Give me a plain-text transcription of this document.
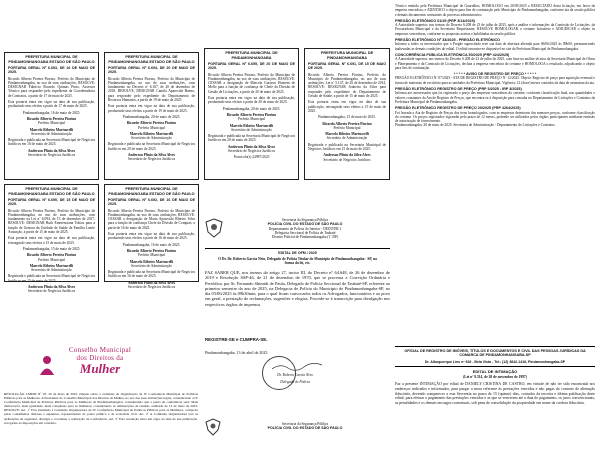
PREFEITURA MUNICIPAL DE PINDAMONHANGABA ESTADO DE SÃO PAULO
PORTARIA GERAL Nº 6.693, DE 16 DE MAIO DE 2025.
Ricardo Alberto Pereira Piorino, Prefeito do Município de Pindamonhangaba, no uso de suas atribuições, RESOLVE: DESIGNAR Fabricio Ricardo Quintas Pinto, Assessor Técnico para responder pelo expediente da Coordenadoria de Contratos, a partir de 17 de maio de 2025.
Esta portaria entra em vigor na data de sua publicação, produzindo seus efeitos a partir de 17 de maio de 2025.
Pindamonhangaba, 16 de maio de 2025.
Ricardo Alberto Pereira Piorino
Prefeito Municipal
Marcelo Ribeiro Martuscelli
Secretário de Administração
Registrada e publicada na Secretaria Municipal de Negócios Jurídicos em 16 de maio de 2025.
Anderson Plinio da Silva Alves
Secretário de Negócios Jurídicos
PREFEITURA MUNICIPAL DE PINDAMONHANGABA ESTADO DE SÃO PAULO
PORTARIA GERAL Nº 6.694, DE 20 DE MAIO DE 2025.
Ricardo Alberto Pereira Piorino, Prefeito do Município de Pindamonhangaba, no uso de suas atribuições, com fundamento no Decreto nº 6.167, de 20 de dezembro de 2018, RESOLVE: DESIGNAR Camila Aparecida Bueno, para responder pelo expediente do Departamento de Recursos Humanos, a partir de 19 de maio de 2025.
Esta portaria entra em vigor na data de sua publicação, produzindo seus efeitos a partir de 19 de maio de 2025.
Pindamonhangaba, 20 de maio de 2025.
Ricardo Alberto Pereira Piorino
Prefeito Municipal
Marcelo Ribeiro Martuscelli
Secretário de Administração
Registrada e publicada na Secretaria Municipal de Negócios Jurídicos em 20 de maio de 2025.
Anderson Plinio da Silva Alves
Secretário de Negócios Jurídicos
PREFEITURA MUNICIPAL DE PINDAMONHANGABA
PORTARIA GERAL Nº 6.695, DE 20 DE MAIO DE 2025.
Ricardo Alberto Pereira Piorino, Prefeito do Município de Pindamonhangaba, no uso de suas atribuições, RESOLVE: CESSAR a designação de Marcela Gustavo Homem de Mello para a função de confiança de Chefe da Divisão de Gestão de Licitações, a partir de 20 de maio de 2025.
Esta portaria entra em vigor na data de sua publicação, produzindo seus efeitos a partir de 20 de maio de 2025.
Pindamonhangaba, 20 de maio de 2025.
Ricardo Alberto Pereira Piorino
Prefeito Municipal
Marcelo Ribeiro Martuscelli
Secretário de Administração
Registrada e publicada na Secretaria Municipal de Negócios Jurídicos em 20 de maio de 2025.
Anderson Plinio da Silva Alves
Secretário de Negócios Jurídicos
Protocolo(s) 24987/2025
PREFEITURA MUNICIPAL DE PINDAMONHANGABA
PORTARIA GERAL Nº 6.691, DE 15 DE MAIO DE 2025.
Ricardo Alberto Pereira Piorino, Prefeito do Município de Pindamonhangaba, no uso de suas atribuições, Lei nº 5.147, de 26 de dezembro de 2014, RESOLVE: DESIGNAR Joabeira da Silva para responder pelo expediente do Departamento de Gestão de Saúde, a partir de 15 de maio de 2025.
Esta portaria entra em vigor na data de sua publicação, retroagindo seus efeitos a 15 de maio de 2025.
Pindamonhangaba, 15 de maio de 2025.
Ricardo Alberto Pereira Piorino
Prefeito Municipal
Marcelo Ribeiro Martuscelli
Secretário de Administração
Registrada e publicada na Secretaria Municipal de Negócios Jurídicos em 15 de maio de 2025.
Anderson Plinio da Silva Alves
Secretário de Negócios Jurídicos
PREFEITURA MUNICIPAL DE PINDAMONHANGABA ESTADO DE SÃO PAULO
PORTARIA GERAL Nº 6.690, DE 15 DE MAIO DE 2025.
Ricardo Alberto Pereira Piorino, Prefeito do Município de Pindamonhangaba, no uso de suas atribuições, com fundamento na Lei nº 6.094, de 13 de dezembro de 2017, RESOLVE: DESIGNAR Ruth Emerenciana Tobias para a função de Gestora da Unidade de Saúde da Família Laerte Assunção, a partir de 15 de maio de 2025.
Esta portaria entra em vigor na data de sua publicação, retroagindo seus efeitos a 15 de maio de 2025.
Pindamonhangaba, 15 de maio de 2025.
Ricardo Alberto Pereira Piorino
Prefeito Municipal
Marcelo Ribeiro Martuscelli
Secretário de Administração
Registrada e publicada na Secretaria Municipal de Negócios Jurídicos em 15 de maio de 2025.
Anderson Plinio da Silva Alves
Secretário de Negócios Jurídicos
PREFEITURA MUNICIPAL DE PINDAMONHANGABA ESTADO DE SÃO PAULO
PORTARIA GERAL Nº 6.692, DE 16 DE MAIO DE 2025.
Ricardo Alberto Pereira Piorino, Prefeito do Município de Pindamonhangaba, no uso de suas atribuições, RESOLVE: CESSAR a designação de Maria Aparecida Ribeiro Silva para a função de confiança Chefe da Divisão de Compras, a partir de 16 de maio de 2025.
Esta portaria entra em vigor na data de sua publicação, produzindo seus efeitos a partir de 16 de maio de 2025.
Pindamonhangaba, 16 de maio de 2025.
Ricardo Alberto Pereira Piorino
Prefeito Municipal
Marcelo Ribeiro Martuscelli
Secretário de Administração
Registrada e publicada na Secretaria Municipal de Negócios Jurídicos em 16 de maio de 2025.
Anderson Plinio da Silva Alves
Secretário de Negócios Jurídicos
Conselho Municipal
dos Direitos da
Mulher
RESOLUÇÃO CMDM Nº 03, 20 de maio de 2025. Dispõe sobre a comissão de Organização da IV Conferência Municipal de Políticas Públicas para as Mulheres. A Presidente do Conselho Municipal dos Direitos da Mulher, no uso das suas atribuições legais, considerando a IV Conferência Municipal de Políticas Públicas para as Mulheres de Pindamonhangaba; considerando que a pauta da conferência será: Mais democracia, mais igualdade, mais conquistas para as mulheres; considerando as deliberações da reunião ordinária de 13 de maio de 2025, RESOLVE: Art. 1º Fica instituída a Comissão Organizadora da IV Conferência Municipal de Políticas Públicas para as Mulheres, composta pelas conselheiras titulares e suplentes, representantes do poder público e da sociedade civil. Art. 2º A Comissão Organizadora terá as atribuições de organizar, divulgar e coordenar a realização da Conferência. Art. 3º Esta resolução entra em vigor na data de sua publicação, revogadas as disposições em contrário.
Secretaria da Segurança Pública
POLÍCIA CIVIL DO ESTADO DE SÃO PAULO
Departamento de Polícia do Interior - DEINTER 1
Delegacia Seccional de Polícia de Taubaté
Distrito Policial de Pindamonhangaba (1º DP)
EDITAL DE OFM / 2025
O Dr. Dr. Roberto Garcia Neto, Delegado de Polícia Titular do Município de Pindamonhangaba - SP, na forma da lei, etc.
FAZ SABER QUE, nos termos do artigo 27, inciso III, do Decreto nº 64.648, de 26 de dezembro de 2019 e Resolução SSP-46, de 21 de dezembro de 1970, que se processa a Correição Ordinária e Periódica, por Sr. Fernando Shimidt de Paula, Delegado de Polícia Seccional de Taubaté-SP, referente ao primeiro semestre do ano de 2025, na Delegacia de Polícia do Município de Pindamonhangaba-SP, no dia 03/06/2025 às 09h30min, para o qual ficam convocados todos os Advogados, funcionários e ao povo em geral, a prestação de reclamações, sugestões e elogios. Procede-se à transcrição para divulgação nos respectivos órgãos de imprensa.
REGISTRE-SE e CUMPRA-SE.
Pindamonhangaba, 13 de abril de 2025.
Dr. Roberto Garcia Neto
Delegado de Polícia
Secretaria da Segurança Pública
POLÍCIA CIVIL DO ESTADO DE SÃO PAULO
Técnico emitido pela Prefeitura Municipal de Guarulhos, HOMOLOGO em 20/05/2025 o RESULTADO desta licitação, em favor da empresa vencedora, e ADJUDICO o objeto para fins de contratação pelo Município de Pindamonhangaba, conforme ata da sessão pública e demais documentos constantes do processo administrativo.
PREGÃO ELETRÔNICO 01/25 (PRP 3/14/2025)
A Autoridade superior, nos termos do Decreto 6.208 de 23 de julho de 2025, após a análise e informações da Comissão de Licitações, da Procuradoria Municipal e da Secretaria Requisitante, RESOLVE HOMOLOGAR o certame licitatório e ADJUDICAR o objeto às empresas vencedoras, conforme as propostas aceitas e habilitadas na sessão pública.
PREGÃO ELETRÔNICO Nº 33/2025 - PREGÃO ELETRÔNICO
Informa a todos os interessados que o Pregão supracitado teve sua data de abertura alterada para 06/06/2025 às 09h00, permanecendo inalteradas as demais condições do edital. O edital encontra-se disponível no site da Prefeitura Municipal de Pindamonhangaba.
CONCORRÊNCIA PÚBLICA ELETRÔNICA 50/2025 (PRP 424/2025)
A Autoridade superior, nos termos do Decreto 6.208 de 23 de julho de 2025, com base na análise técnica da Secretaria Municipal de Obras e Planejamento e da Comissão de Licitações, declara a empresa vencedora do certame e HOMOLOGA o resultado, adjudicando o objeto para fins de contratação.
* * * * * AVISO DE REGISTRO DE PREÇO * * * * *
PREGÃO ELETRÔNICO Nº 07/2025 - ATA DE REGISTRO DE PREÇO Nº 12/2025. Objeto: Registro de preço para aquisição eventual e futura de materiais de escritório para as unidades da Prefeitura Municipal. Vigência: 12 (doze) meses contados da data de assinatura da ata.
PREGÃO ELETRÔNICO REGISTRO DE PREÇO (PRP 3/2025 - IRP 3/2025)
Informa aos interessados que foi registrado o preço das empresas vencedoras do certame, conforme classificação final, nas quantidades e valores constantes da Ata de Registro de Preços, que encontra-se à disposição para consulta no Departamento de Licitações e Contratos da Prefeitura Municipal de Pindamonhangaba.
PREGÃO ELETRÔNICO REGISTRO DE PREÇO 20/2025 (PRP 4264/2025)
Foi lavrada a Ata de Registro de Preços dos itens homologados, com as empresas detentoras dos menores preços, conforme classificação do certame. Os preços registrados vigorarão pelo prazo de 12 meses, podendo ser utilizados pelos órgãos participantes mediante emissão de autorização de fornecimento.
Pindamonhangaba, 20 de maio de 2025. Secretaria de Administração - Departamento de Licitações e Contratos.
OFICIAL DE REGISTRO DE IMÓVEIS, TÍTULOS E DOCUMENTOS E CIVIL DAS PESSOAS JURÍDICAS DA COMARCA DE PINDAMONHANGABA-SP
Dr. Albuquerque Lins nº 916 - Bela Vista - Tel.: (12) 3642-1416, Pindamonhangaba-SP
EDITAL DE INTIMAÇÃO
(Lei nº 9.514, de 20 de novembro de 1997)
Faz a presente INTIMAÇÃO por edital de DANIELY CRISTINA DE CASTRO, em virtude de não ter sido encontrada nos endereços indicados e informados, para purgar a mora referente às prestações vencidas e não pagas do contrato de alienação fiduciária, devendo comparecer a esta Serventia no prazo de 15 (quinze) dias, contados da terceira e última publicação deste edital, para efetuar o pagamento das prestações vencidas e as que se vencerem até a data do pagamento, os juros convencionais, as penalidades e os demais encargos contratuais, sob pena de consolidação da propriedade em nome da credora fiduciária.
